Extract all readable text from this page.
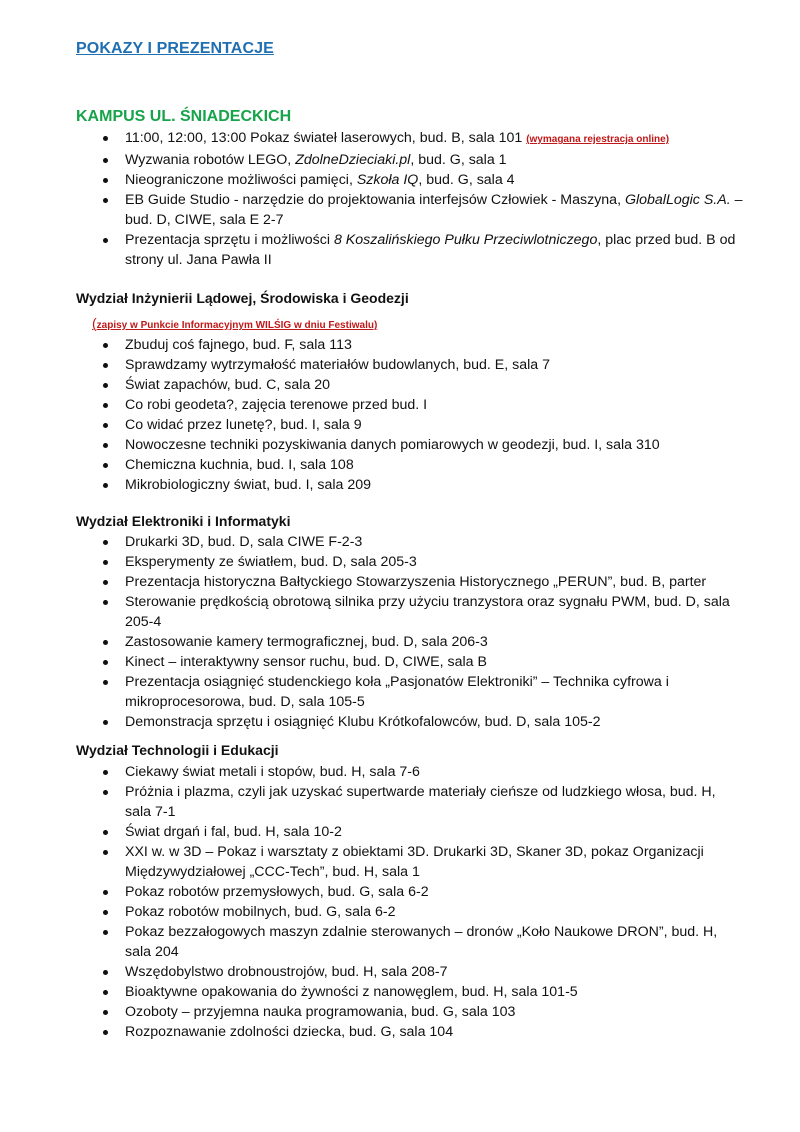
POKAZY I PREZENTACJE
KAMPUS UL. ŚNIADECKICH
11:00, 12:00, 13:00 Pokaz świateł laserowych, bud. B, sala 101 (wymagana rejestracja online)
Wyzwania robotów LEGO, ZdolneDzieciaki.pl, bud. G, sala 1
Nieograniczone możliwości pamięci, Szkoła IQ, bud. G, sala 4
EB Guide Studio - narzędzie do projektowania interfejsów Człowiek - Maszyna, GlobalLogic S.A. – bud. D, CIWE, sala E 2-7
Prezentacja sprzętu i możliwości 8 Koszalińskiego Pułku Przeciwlotniczego, plac przed bud. B od strony ul. Jana Pawła II
Wydział Inżynierii Lądowej, Środowiska i Geodezji
(zapisy w Punkcie Informacyjnym WILŚIG w dniu Festiwalu)
Zbuduj coś fajnego, bud. F, sala 113
Sprawdzamy wytrzymałość materiałów budowlanych, bud. E, sala 7
Świat zapachów, bud. C, sala 20
Co robi geodeta?, zajęcia terenowe przed bud. I
Co widać przez lunetę?, bud. I, sala 9
Nowoczesne techniki pozyskiwania danych pomiarowych w geodezji, bud. I, sala 310
Chemiczna kuchnia, bud. I, sala 108
Mikrobiologiczny świat, bud. I, sala 209
Wydział Elektroniki i Informatyki
Drukarki 3D, bud. D, sala CIWE F-2-3
Eksperymenty ze światłem, bud. D, sala 205-3
Prezentacja historyczna Bałtyckiego Stowarzyszenia Historycznego „PERUN”, bud. B, parter
Sterowanie prędkością obrotową silnika przy użyciu tranzystora oraz sygnału PWM, bud. D, sala 205-4
Zastosowanie kamery termograficznej, bud. D, sala 206-3
Kinect – interaktywny sensor ruchu, bud. D, CIWE, sala B
Prezentacja osiągnięć studenckiego koła „Pasjonatów Elektroniki” – Technika cyfrowa i mikroprocesorowa, bud. D, sala 105-5
Demonstracja sprzętu i osiągnięć Klubu Krótkofalowców, bud. D, sala 105-2
Wydział Technologii i Edukacji
Ciekawy świat metali i stopów, bud. H, sala 7-6
Próżnia i plazma, czyli jak uzyskać supertwarde materiały cieńsze od ludzkiego włosa, bud. H, sala 7-1
Świat drgań i fal, bud. H, sala 10-2
XXI w. w 3D – Pokaz i warsztaty z obiektami 3D. Drukarki 3D, Skaner 3D, pokaz Organizacji Międzywydziałowej „CCC-Tech”, bud. H, sala 1
Pokaz robotów przemysłowych, bud. G, sala 6-2
Pokaz robotów mobilnych, bud. G, sala 6-2
Pokaz bezzałogowych maszyn zdalnie sterowanych – dronów „Koło Naukowe DRON”, bud. H, sala 204
Wszędobylstwo drobnoustrojów, bud. H, sala 208-7
Bioaktywne opakowania do żywności z nanowęglem, bud. H, sala 101-5
Ozoboty – przyjemna nauka programowania, bud. G, sala 103
Rozpoznawanie zdolności dziecka, bud. G, sala 104
